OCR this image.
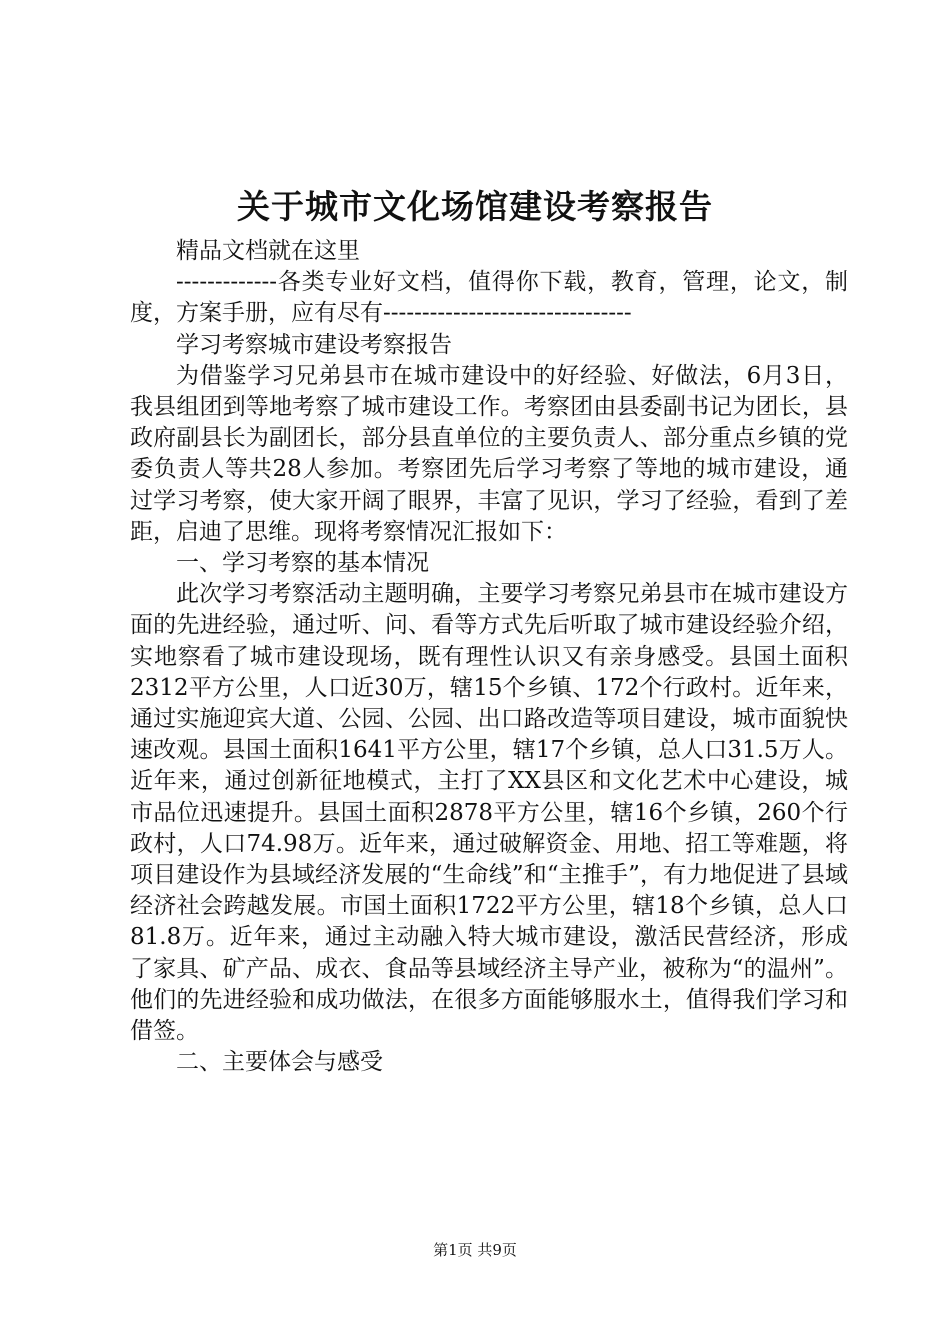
关于城市文化场馆建设考察报告

精品文档就在这里

-------------各类专业好文档，值得你下载，教育，管理，论文，制度，方案手册，应有尽有--------------------------------

学习考察城市建设考察报告

为借鉴学习兄弟县市在城市建设中的好经验、好做法，6月3日，我县组团到等地考察了城市建设工作。考察团由县委副书记为团长，县政府副县长为副团长，部分县直单位的主要负责人、部分重点乡镇的党委负责人等共28人参加。考察团先后学习考察了等地的城市建设，通过学习考察，使大家开阔了眼界，丰富了见识，学习了经验，看到了差距，启迪了思维。现将考察情况汇报如下：

一、学习考察的基本情况

此次学习考察活动主题明确，主要学习考察兄弟县市在城市建设方面的先进经验，通过听、问、看等方式先后听取了城市建设经验介绍，实地察看了城市建设现场，既有理性认识又有亲身感受。县国土面积2312平方公里，人口近30万，辖15个乡镇、172个行政村。近年来，通过实施迎宾大道、公园、公园、出口路改造等项目建设，城市面貌快速改观。县国土面积1641平方公里，辖17个乡镇，总人口31.5万人。近年来，通过创新征地模式，主打了XX县区和文化艺术中心建设，城市品位迅速提升。县国土面积2878平方公里，辖16个乡镇，260个行政村，人口74.98万。近年来，通过破解资金、用地、招工等难题，将项目建设作为县域经济发展的“生命线”和“主推手”，有力地促进了县域经济社会跨越发展。市国土面积1722平方公里，辖18个乡镇，总人口81.8万。近年来，通过主动融入特大城市建设，激活民营经济，形成了家具、矿产品、成衣、食品等县域经济主导产业，被称为“的温州”。他们的先进经验和成功做法，在很多方面能够服水土，值得我们学习和借签。

二、主要体会与感受

第1页 共9页
